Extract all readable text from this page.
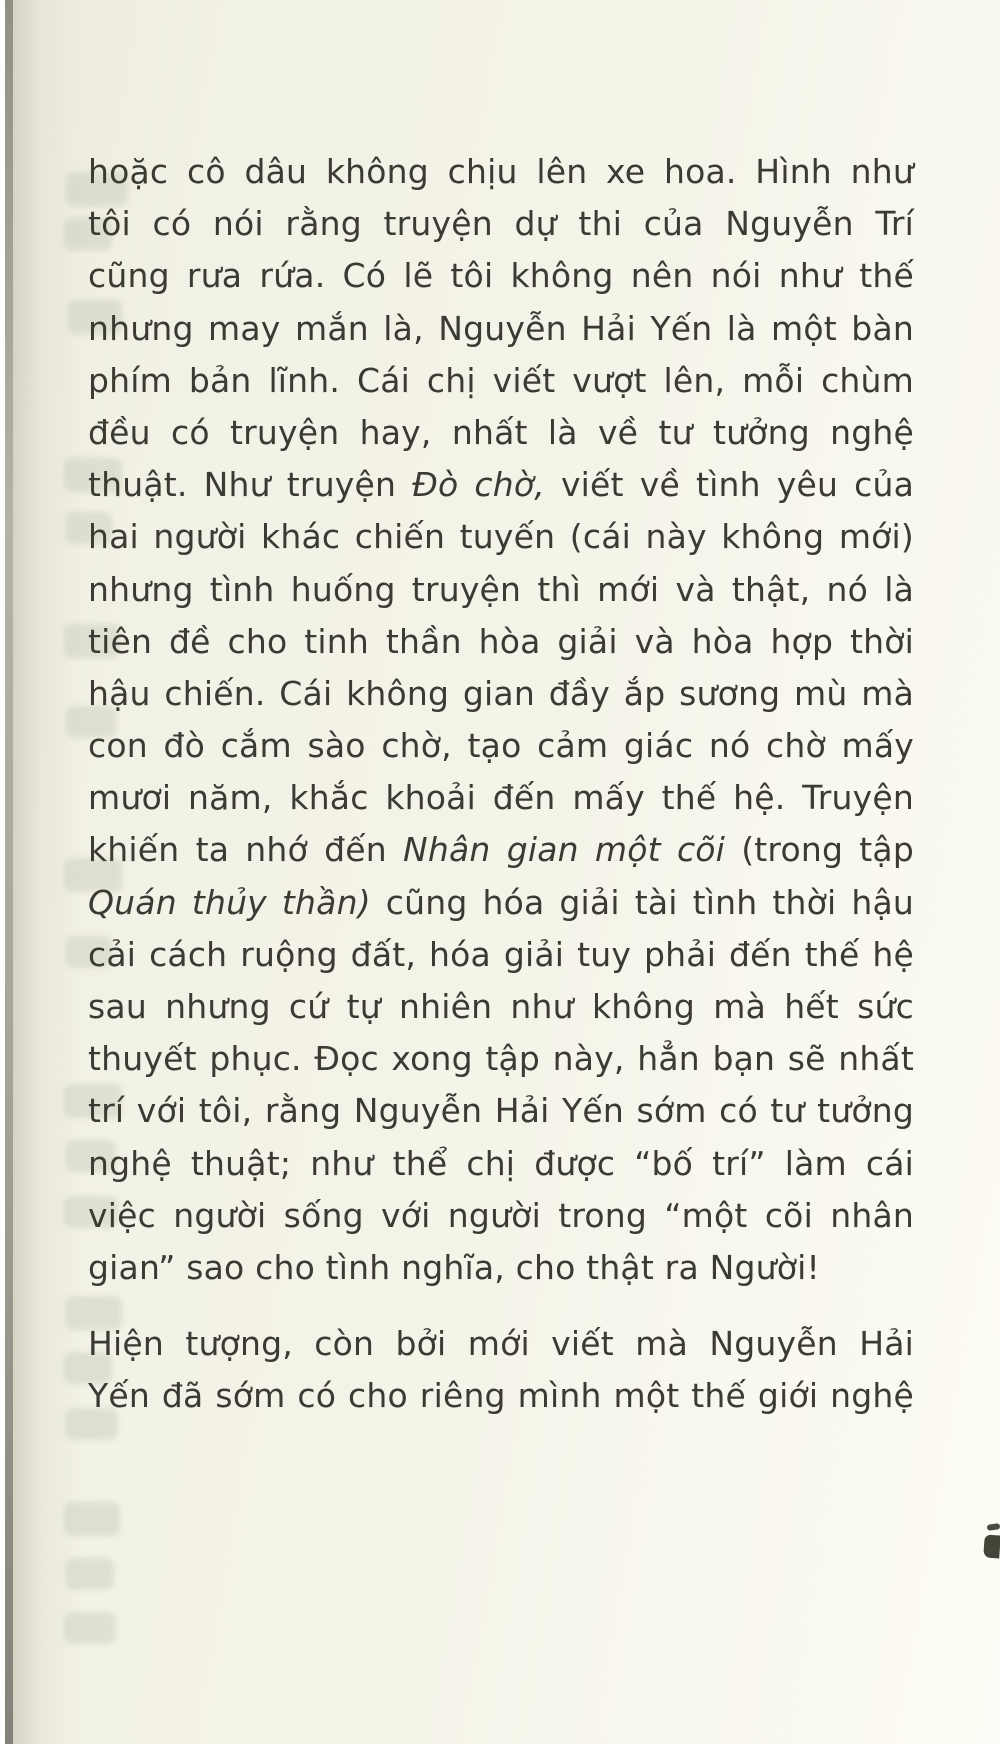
hoặc cô dâu không chịu lên xe hoa. Hình như
tôi có nói rằng truyện dự thi của Nguyễn Trí
cũng rưa rứa. Có lẽ tôi không nên nói như thế
nhưng may mắn là, Nguyễn Hải Yến là một bàn
phím bản lĩnh. Cái chị viết vượt lên, mỗi chùm
đều có truyện hay, nhất là về tư tưởng nghệ
thuật. Như truyện Đò chờ, viết về tình yêu của
hai người khác chiến tuyến (cái này không mới)
nhưng tình huống truyện thì mới và thật, nó là
tiên đề cho tinh thần hòa giải và hòa hợp thời
hậu chiến. Cái không gian đầy ắp sương mù mà
con đò cắm sào chờ, tạo cảm giác nó chờ mấy
mươi năm, khắc khoải đến mấy thế hệ. Truyện
khiến ta nhớ đến Nhân gian một cõi (trong tập
Quán thủy thần) cũng hóa giải tài tình thời hậu
cải cách ruộng đất, hóa giải tuy phải đến thế hệ
sau nhưng cứ tự nhiên như không mà hết sức
thuyết phục. Đọc xong tập này, hẳn bạn sẽ nhất
trí với tôi, rằng Nguyễn Hải Yến sớm có tư tưởng
nghệ thuật; như thể chị được “bố trí” làm cái
việc người sống với người trong “một cõi nhân
gian” sao cho tình nghĩa, cho thật ra Người!
Hiện tượng, còn bởi mới viết mà Nguyễn Hải
Yến đã sớm có cho riêng mình một thế giới nghệ
